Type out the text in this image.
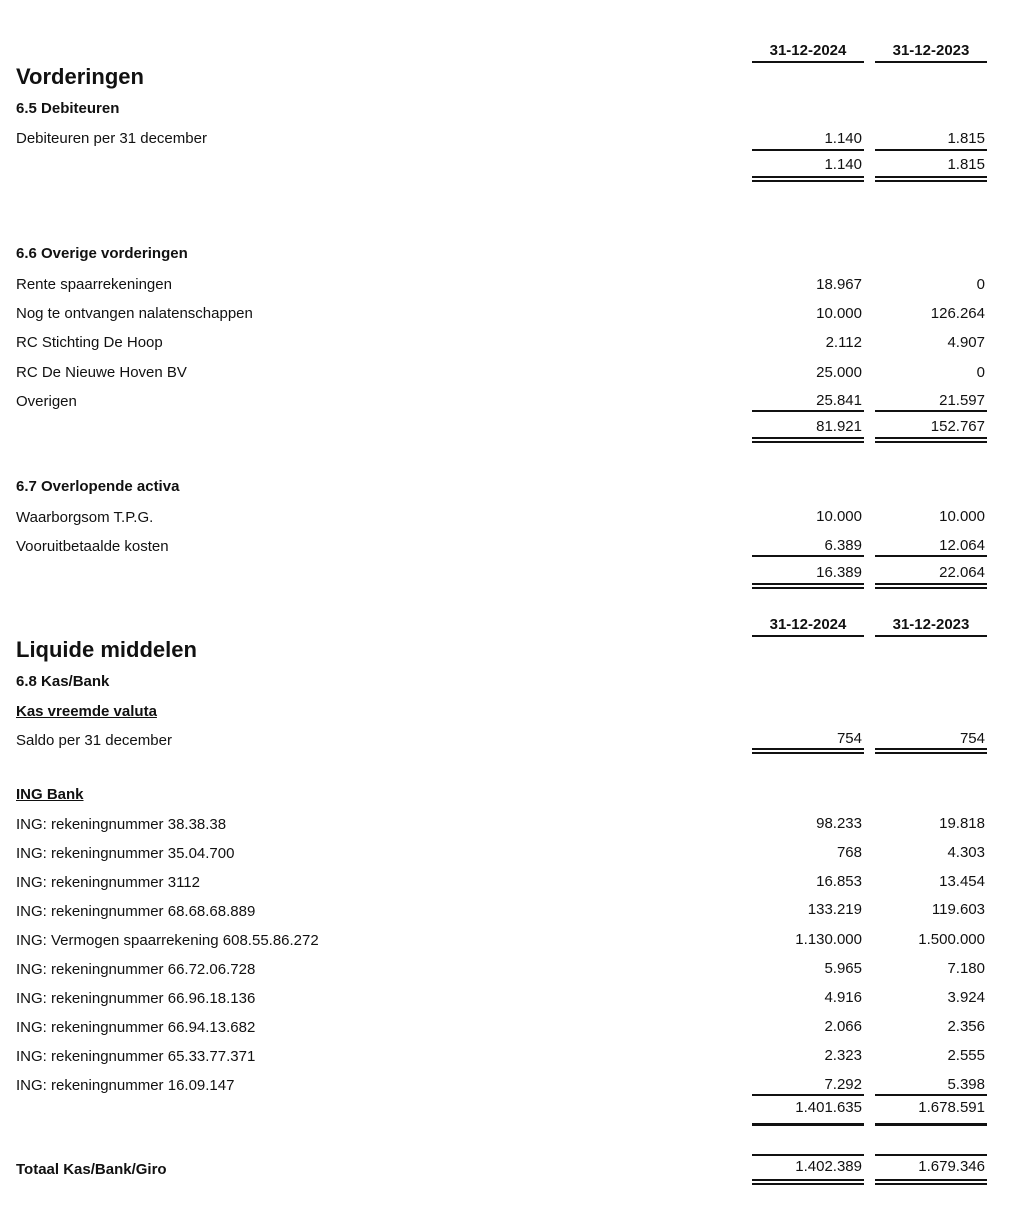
31-12-2024	31-12-2023
Vorderingen
6.5 Debiteuren
Debiteuren per 31 december	1.140	1.815
1.140	1.815
6.6 Overige vorderingen
Rente spaarrekeningen	18.967	0
Nog te ontvangen nalatenschappen	10.000	126.264
RC Stichting De Hoop	2.112	4.907
RC De Nieuwe Hoven BV	25.000	0
Overigen	25.841	21.597
81.921	152.767
6.7 Overlopende activa
Waarborgsom T.P.G.	10.000	10.000
Vooruitbetaalde kosten	6.389	12.064
16.389	22.064
31-12-2024	31-12-2023
Liquide middelen
6.8 Kas/Bank
Kas vreemde valuta
Saldo per 31 december	754	754
ING Bank
ING: rekeningnummer 38.38.38	98.233	19.818
ING: rekeningnummer 35.04.700	768	4.303
ING: rekeningnummer 3112	16.853	13.454
ING: rekeningnummer 68.68.68.889	133.219	119.603
ING: Vermogen spaarrekening 608.55.86.272	1.130.000	1.500.000
ING: rekeningnummer 66.72.06.728	5.965	7.180
ING: rekeningnummer 66.96.18.136	4.916	3.924
ING: rekeningnummer 66.94.13.682	2.066	2.356
ING: rekeningnummer 65.33.77.371	2.323	2.555
ING: rekeningnummer 16.09.147	7.292	5.398
1.401.635	1.678.591
Totaal Kas/Bank/Giro	1.402.389	1.679.346
